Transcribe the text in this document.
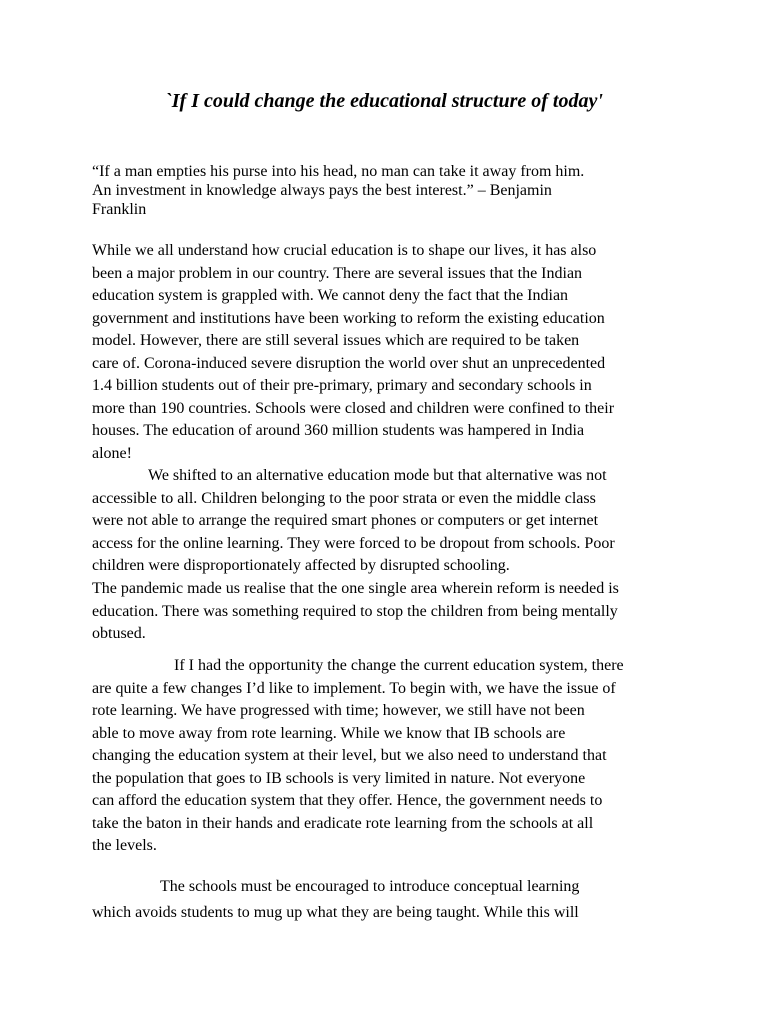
`If I could change the educational structure of today'

“If a man empties his purse into his head, no man can take it away from him.
An investment in knowledge always pays the best interest.” – Benjamin
Franklin

While we all understand how crucial education is to shape our lives, it has also
been a major problem in our country. There are several issues that the Indian
education system is grappled with. We cannot deny the fact that the Indian
government and institutions have been working to reform the existing education
model. However, there are still several issues which are required to be taken
care of. Corona-induced severe disruption the world over shut an unprecedented
1.4 billion students out of their pre-primary, primary and secondary schools in
more than 190 countries. Schools were closed and children were confined to their
houses. The education of around 360 million students was hampered in India
alone!

We shifted to an alternative education mode but that alternative was not
accessible to all. Children belonging to the poor strata or even the middle class
were not able to arrange the required smart phones or computers or get internet
access for the online learning. They were forced to be dropout from schools. Poor
children were disproportionately affected by disrupted schooling.

The pandemic made us realise that the one single area wherein reform is needed is
education. There was something required to stop the children from being mentally
obtused.

If I had the opportunity the change the current education system, there
are quite a few changes I’d like to implement. To begin with, we have the issue of
rote learning. We have progressed with time; however, we still have not been
able to move away from rote learning. While we know that IB schools are
changing the education system at their level, but we also need to understand that
the population that goes to IB schools is very limited in nature. Not everyone
can afford the education system that they offer. Hence, the government needs to
take the baton in their hands and eradicate rote learning from the schools at all
the levels.

The schools must be encouraged to introduce conceptual learning
which avoids students to mug up what they are being taught. While this will
